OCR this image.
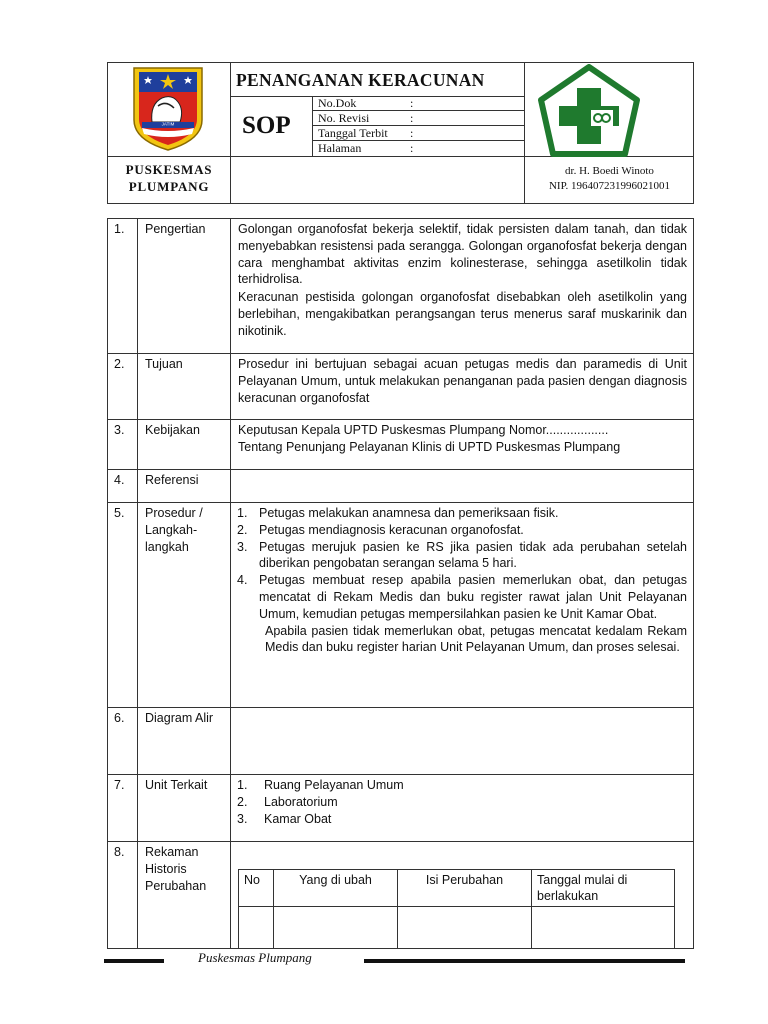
JATIM
PENANGANAN KERACUNAN
SOP
No.Dok	:
No. Revisi	:
Tanggal Terbit :
Halaman	:
PUSKESMAS
PLUMPANG
dr. H. Boedi Winoto
NIP. 196407231996021001
1. Pengertian	Golongan organofosfat bekerja selektif, tidak persisten dalam tanah, dan tidak menyebabkan resistensi pada serangga. Golongan organofosfat bekerja dengan cara menghambat aktivitas enzim kolinesterase, sehingga asetilkolin tidak terhidrolisa.
Keracunan pestisida golongan organofosfat disebabkan oleh asetilkolin yang berlebihan, mengakibatkan perangsangan terus menerus saraf muskarinik dan nikotinik.
2. Tujuan	Prosedur ini bertujuan sebagai acuan petugas medis dan paramedis di Unit Pelayanan Umum, untuk melakukan penanganan pada pasien dengan diagnosis keracunan organofosfat
3. Kebijakan	Keputusan Kepala UPTD Puskesmas Plumpang Nomor..................
Tentang Penunjang Pelayanan Klinis di UPTD Puskesmas Plumpang
4. Referensi
5. Prosedur / Langkah-langkah
1. Petugas melakukan anamnesa dan pemeriksaan fisik.
2. Petugas mendiagnosis keracunan organofosfat.
3. Petugas merujuk pasien ke RS jika pasien tidak ada perubahan setelah diberikan pengobatan serangan selama 5 hari.
4. Petugas membuat resep apabila pasien memerlukan obat, dan petugas mencatat di Rekam Medis dan buku register rawat jalan Unit Pelayanan Umum, kemudian petugas mempersilahkan pasien ke Unit Kamar Obat.
Apabila pasien tidak memerlukan obat, petugas mencatat kedalam Rekam Medis dan buku register harian Unit Pelayanan Umum, dan proses selesai.
6. Diagram Alir
7. Unit Terkait 1. Ruang Pelayanan Umum
2. Laboratorium
3. Kamar Obat
8. Rekaman Historis Perubahan	No	Yang di ubah	Isi Perubahan	Tanggal mulai di berlakukan

Puskesmas Plumpang
